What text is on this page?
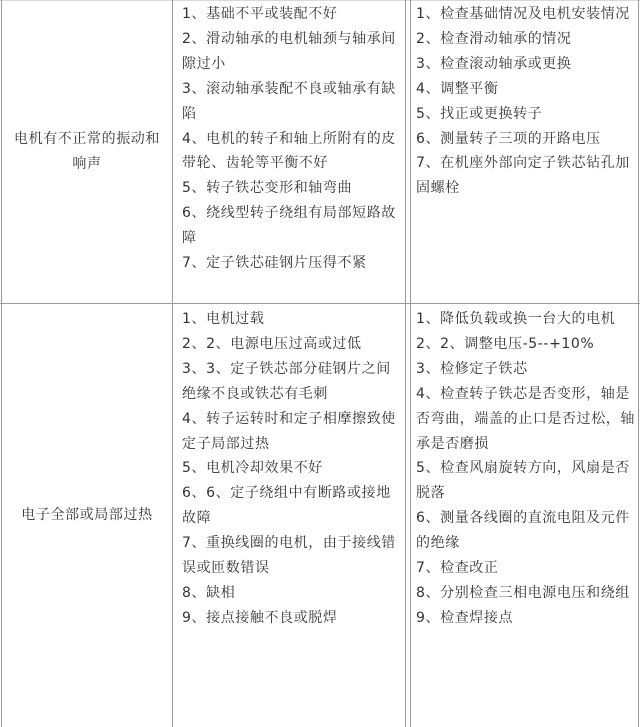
电机有不正常的振动和响声

1、基础不平或装配不好

2、滑动轴承的电机轴颈与轴承间隙过小

3、滚动轴承装配不良或轴承有缺陷

4、电机的转子和轴上所附有的皮带轮、齿轮等平衡不好

5、转子铁芯变形和轴弯曲

6、绕线型转子绕组有局部短路故障

7、定子铁芯硅钢片压得不紧

1、检查基础情况及电机安装情况

2、检查滑动轴承的情况

3、检查滚动轴承或更换

4、调整平衡

5、找正或更换转子

6、测量转子三项的开路电压

7、在机座外部向定子铁芯钻孔加固螺栓

电子全部或局部过热

1、电机过载

2、2、电源电压过高或过低

3、3、定子铁芯部分硅钢片之间绝缘不良或铁芯有毛刺

4、转子运转时和定子相摩擦致使定子局部过热

5、电机冷却效果不好

6、6、定子绕组中有断路或接地故障

7、重换线圈的电机，由于接线错误或匝数错误

8、缺相

9、接点接触不良或脱焊

1、降低负载或换一台大的电机

2、2、调整电压-5--+10%

3、检修定子铁芯

4、检查转子铁芯是否变形，轴是否弯曲，端盖的止口是否过松，轴承是否磨损

5、检查风扇旋转方向，风扇是否脱落

6、测量各线圈的直流电阻及元件的绝缘

7、检查改正

8、分别检查三相电源电压和绕组

9、检查焊接点
